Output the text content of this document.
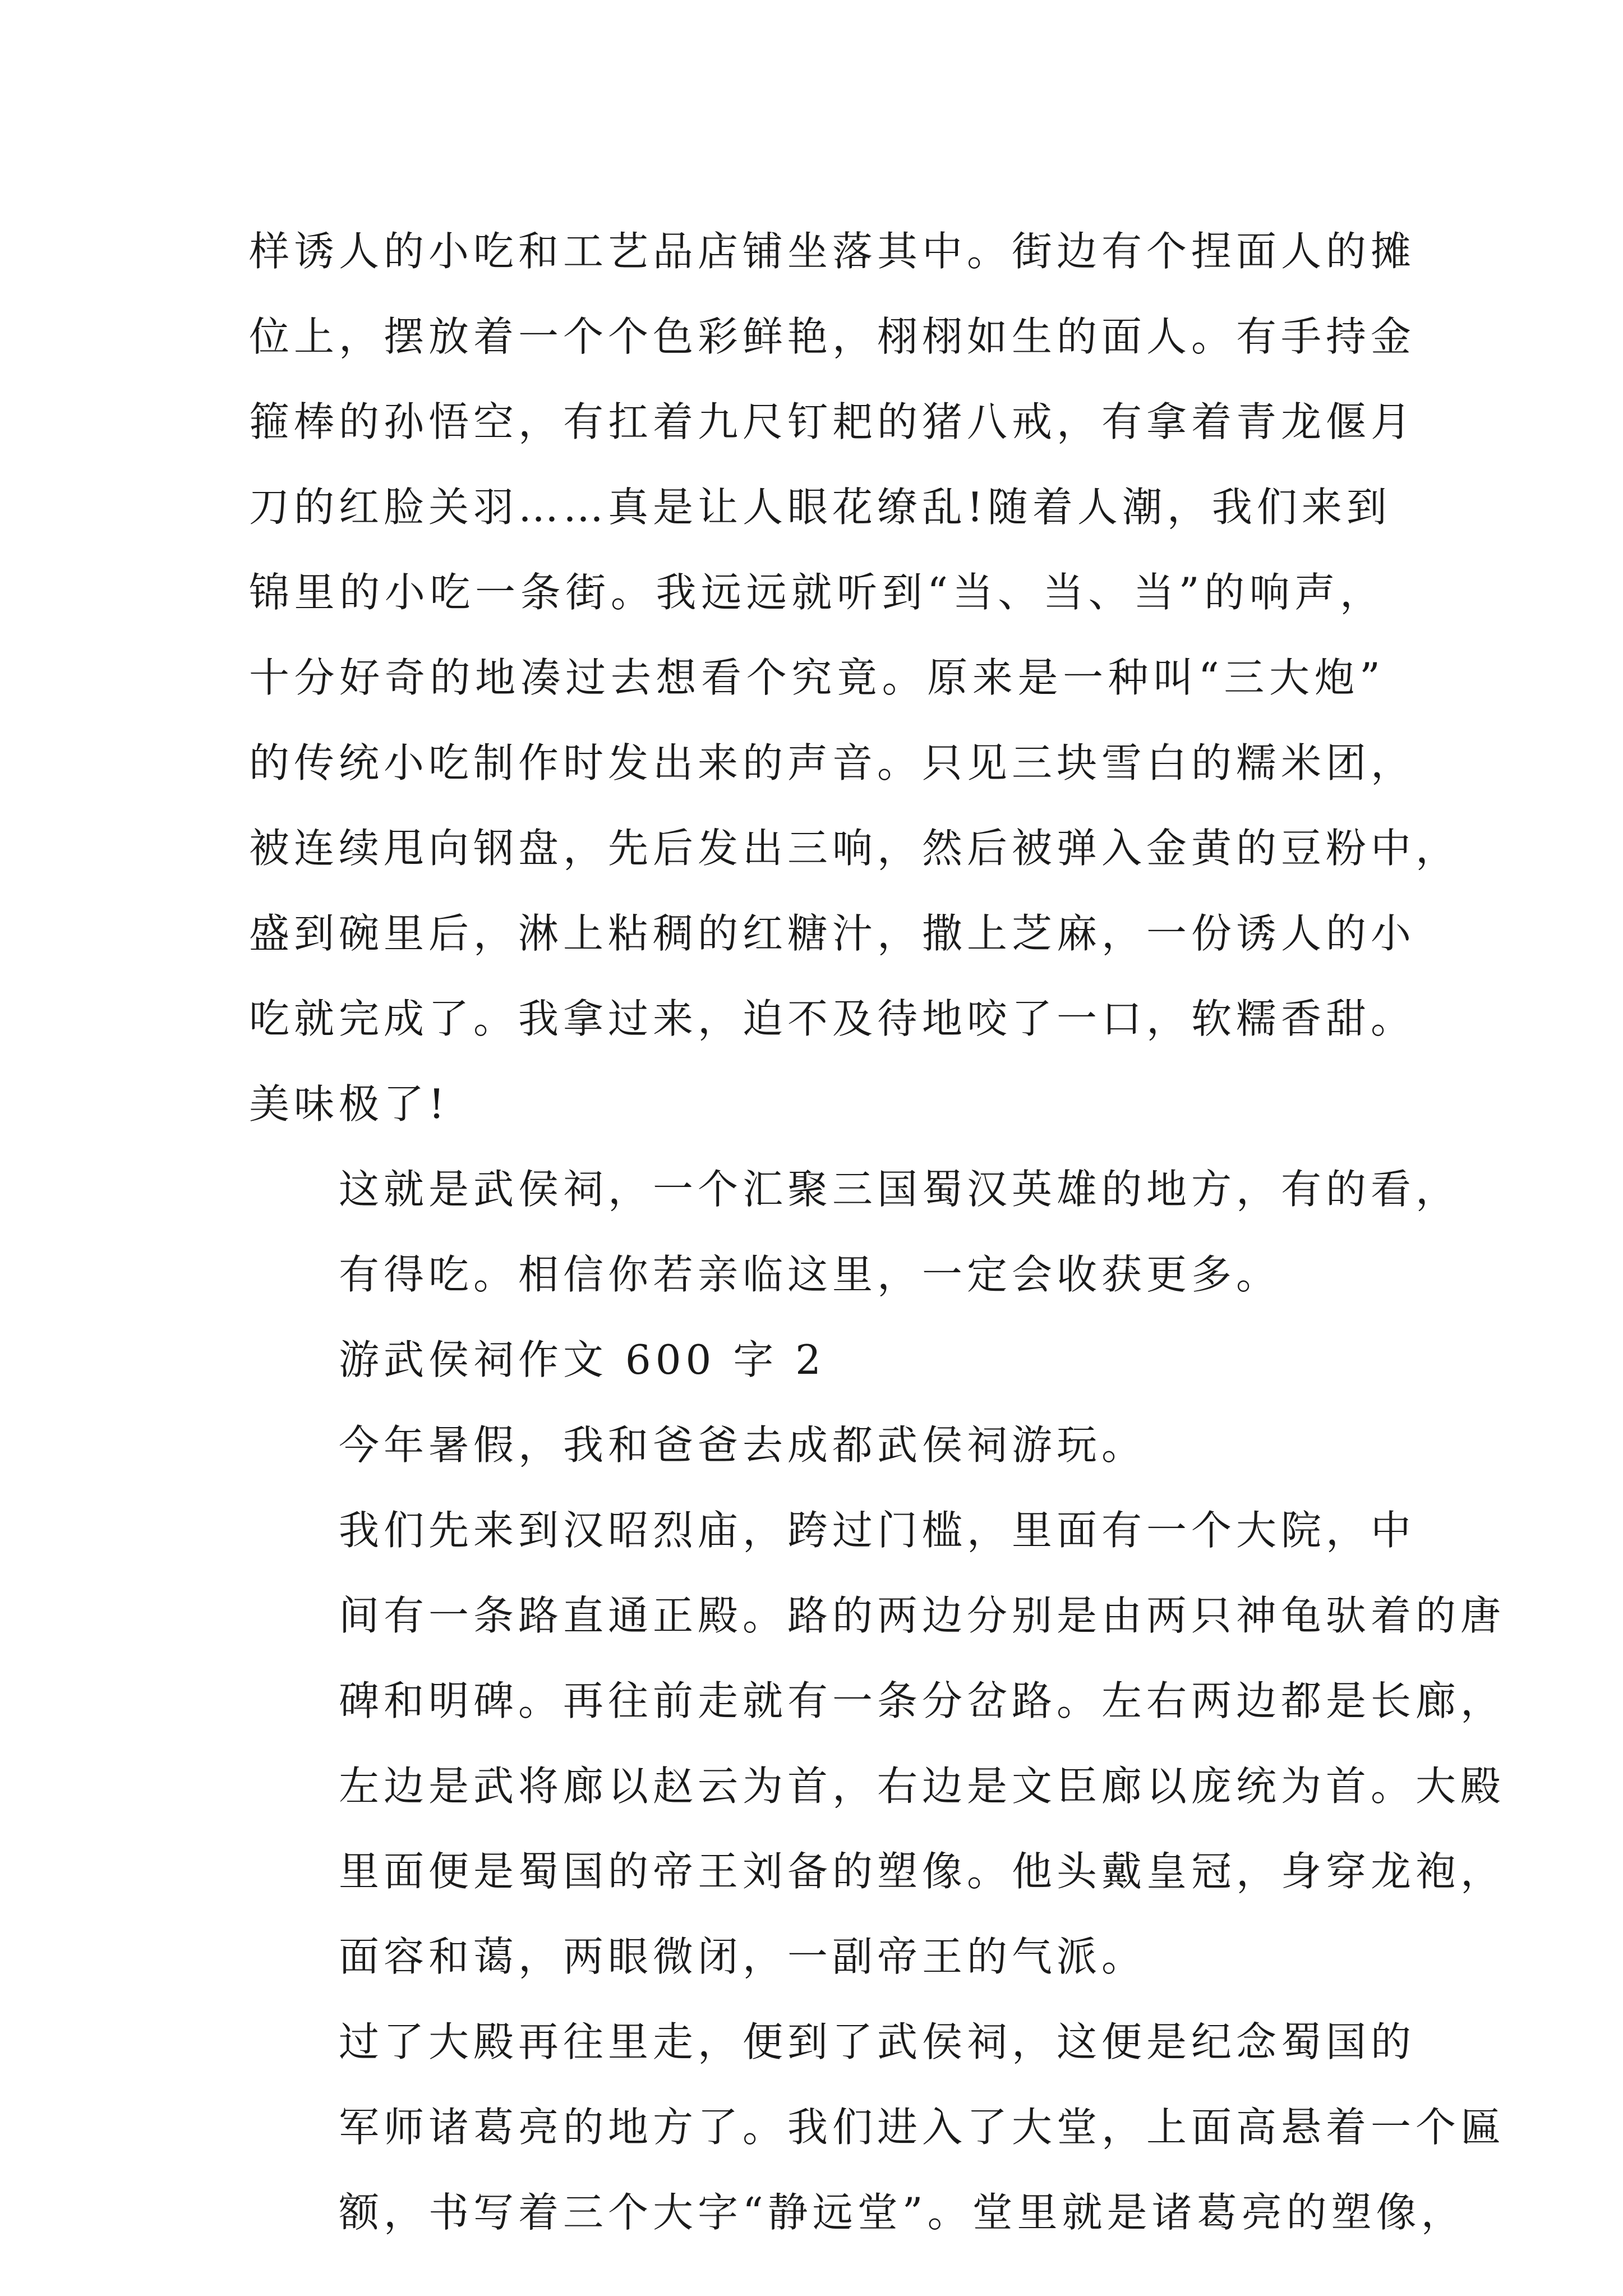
样诱人的小吃和工艺品店铺坐落其中。街边有个捏面人的摊
位上，摆放着一个个色彩鲜艳，栩栩如生的面人。有手持金
箍棒的孙悟空，有扛着九尺钉耙的猪八戒，有拿着青龙偃月
刀的红脸关羽……真是让人眼花缭乱!随着人潮，我们来到
锦里的小吃一条街。我远远就听到“当、当、当”的响声，
十分好奇的地凑过去想看个究竟。原来是一种叫“三大炮”
的传统小吃制作时发出来的声音。只见三块雪白的糯米团，
被连续甩向钢盘，先后发出三响，然后被弹入金黄的豆粉中，
盛到碗里后，淋上粘稠的红糖汁，撒上芝麻，一份诱人的小
吃就完成了。我拿过来，迫不及待地咬了一口，软糯香甜。
美味极了!

这就是武侯祠，一个汇聚三国蜀汉英雄的地方，有的看，
有得吃。相信你若亲临这里，一定会收获更多。

游武侯祠作文 600 字 2

今年暑假，我和爸爸去成都武侯祠游玩。

我们先来到汉昭烈庙，跨过门槛，里面有一个大院，中
间有一条路直通正殿。路的两边分别是由两只神龟驮着的唐
碑和明碑。再往前走就有一条分岔路。左右两边都是长廊，
左边是武将廊以赵云为首，右边是文臣廊以庞统为首。大殿
里面便是蜀国的帝王刘备的塑像。他头戴皇冠，身穿龙袍，
面容和蔼，两眼微闭，一副帝王的气派。

过了大殿再往里走，便到了武侯祠，这便是纪念蜀国的
军师诸葛亮的地方了。我们进入了大堂，上面高悬着一个匾
额，书写着三个大字“静远堂”。堂里就是诸葛亮的塑像，
